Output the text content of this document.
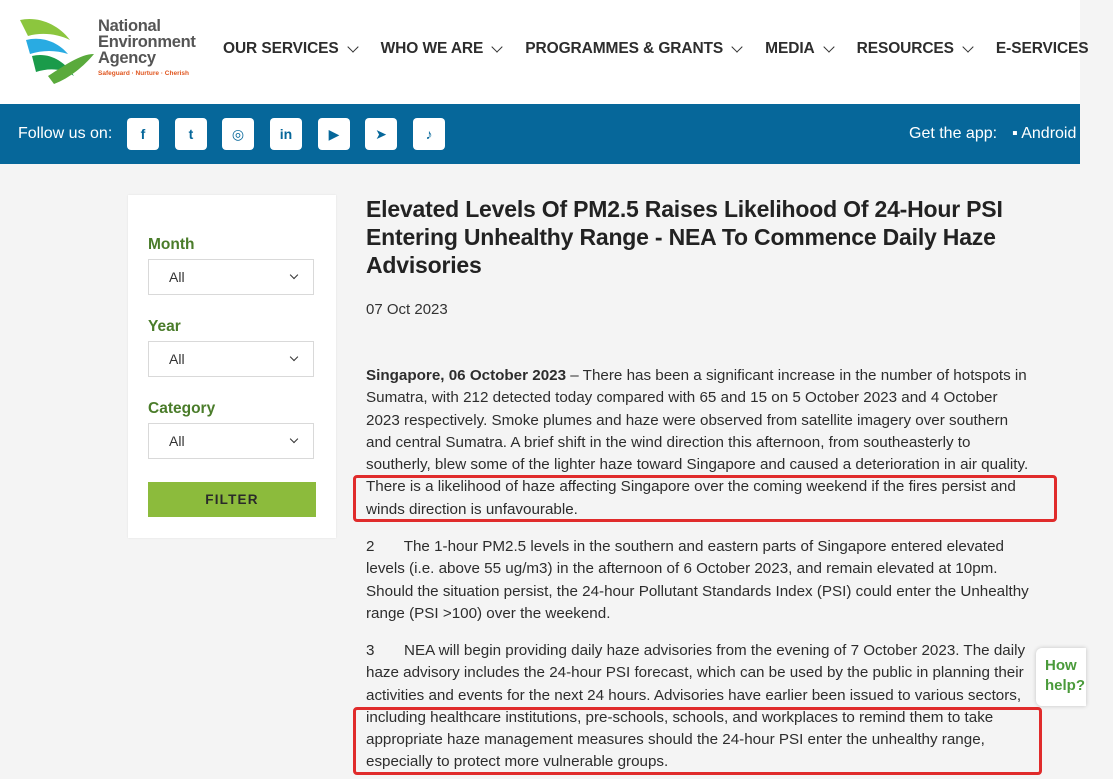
National
Environment
Agency
Safeguard · Nurture · Cherish
OUR SERVICES	WHO WE ARE	PROGRAMMES & GRANTS	MEDIA	RESOURCES	E-SERVICES
Follow us on:	f	t	◎	in	▶	➤	♪	Get the app: ▪ Android
Month
All
Year
All
Category
All
FILTER
Elevated Levels Of PM2.5 Raises Likelihood Of 24-Hour PSI Entering Unhealthy Range - NEA To Commence Daily Haze Advisories
07 Oct 2023
Singapore, 06 October 2023 – There has been a significant increase in the number of hotspots in
Sumatra, with 212 detected today compared with 65 and 15 on 5 October 2023 and 4 October
2023 respectively. Smoke plumes and haze were observed from satellite imagery over southern
and central Sumatra. A brief shift in the wind direction this afternoon, from southeasterly to
southerly, blew some of the lighter haze toward Singapore and caused a deterioration in air quality.
There is a likelihood of haze affecting Singapore over the coming weekend if the fires persist and
winds direction is unfavourable.
2       The 1-hour PM2.5 levels in the southern and eastern parts of Singapore entered elevated
levels (i.e. above 55 ug/m3) in the afternoon of 6 October 2023, and remain elevated at 10pm.
Should the situation persist, the 24-hour Pollutant Standards Index (PSI) could enter the Unhealthy
range (PSI >100) over the weekend.
3       NEA will begin providing daily haze advisories from the evening of 7 October 2023. The daily
haze advisory includes the 24-hour PSI forecast, which can be used by the public in planning their
activities and events for the next 24 hours. Advisories have earlier been issued to various sectors,
including healthcare institutions, pre-schools, schools, and workplaces to remind them to take
appropriate haze management measures should the 24-hour PSI enter the unhealthy range,
especially to protect more vulnerable groups.
How
help?
